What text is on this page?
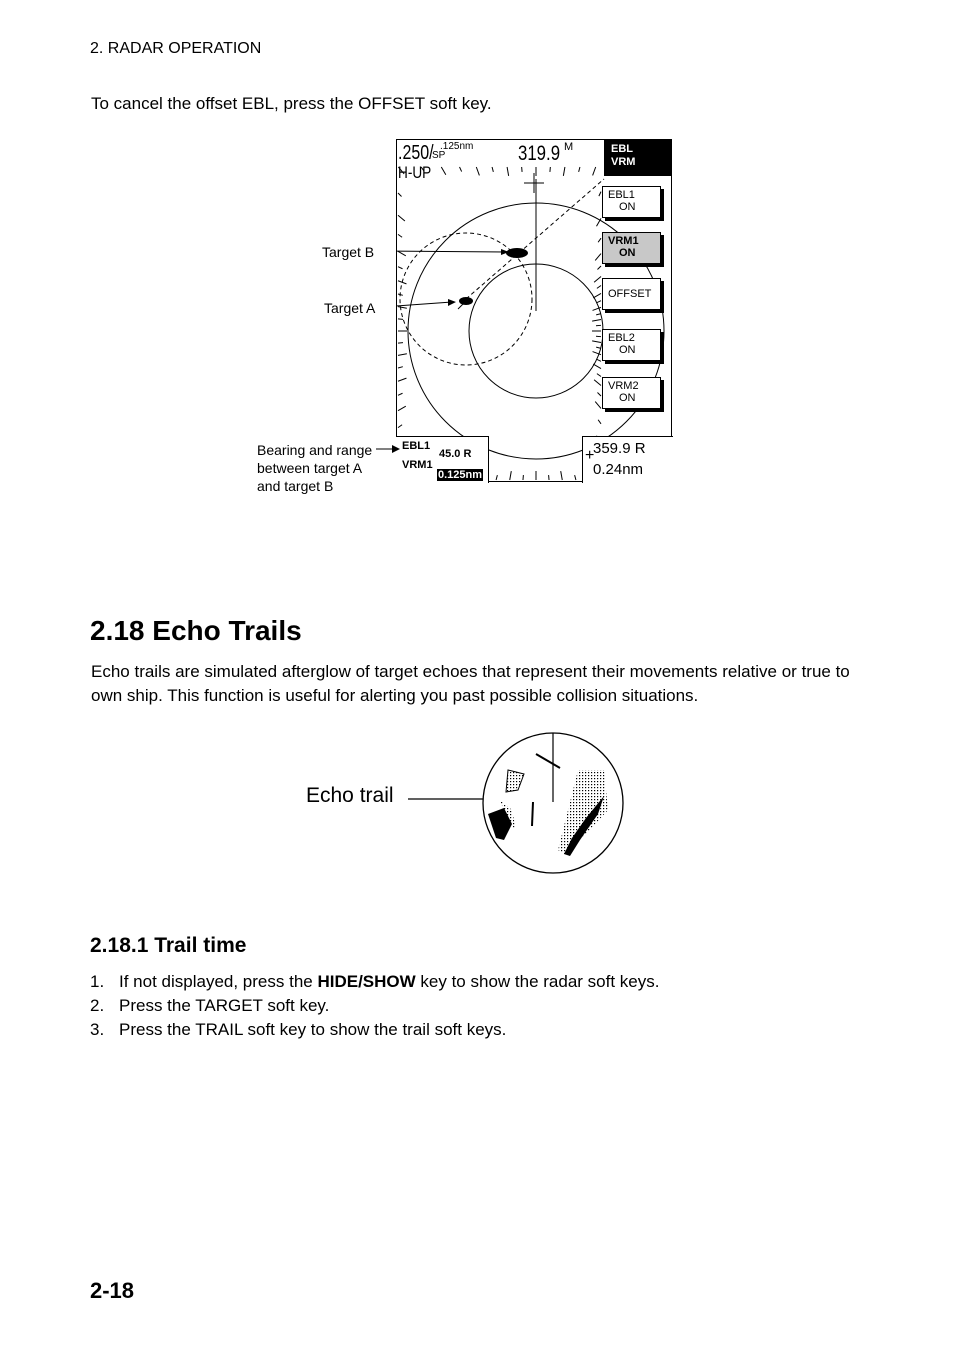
2. RADAR OPERATION
To cancel the offset EBL, press the OFFSET soft key.
.250/ .125nm
SP
H-UP
319.9 M	EBL
VRM
EBL1
ON
VRM1
ON
OFFSET
EBL2
ON
VRM2
ON
EBL1
VRM1
45.0 R
0.125nm
359.9 R
0.24nm
+
Target B
Target A
Bearing and range
between target A
and target B
2.18 Echo Trails
Echo trails are simulated afterglow of target echoes that represent their movements relative or true to own ship. This function is useful for alerting you past possible collision situations.
Echo trail
2.18.1 Trail time
1. If not displayed, press the HIDE/SHOW key to show the radar soft keys.
2. Press the TARGET soft key.
3. Press the TRAIL soft key to show the trail soft keys.
2-18
